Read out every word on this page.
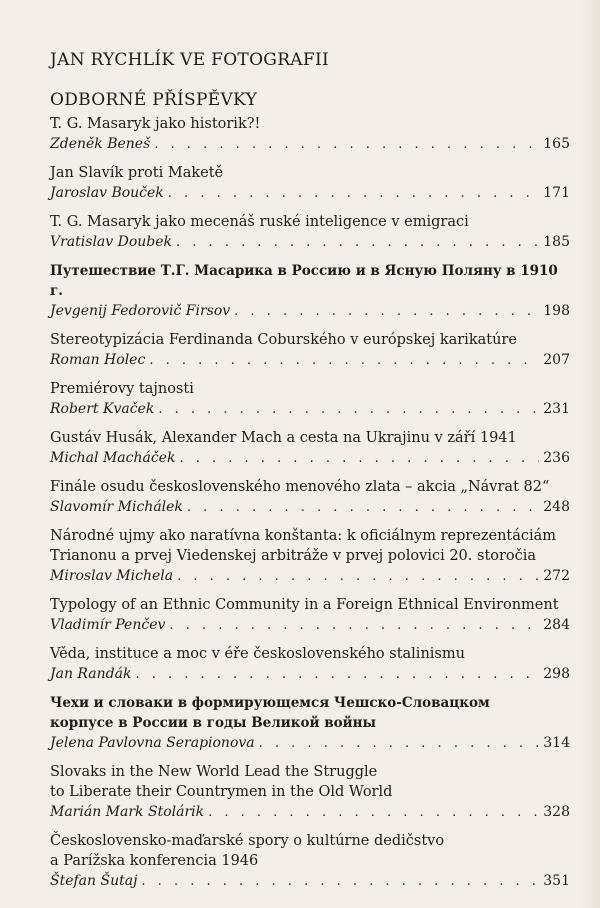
JAN RYCHLÍK VE FOTOGRAFII
ODBORNÉ PŘÍSPĚVKY
T. G. Masaryk jako historik?!
Zdeněk Beneš . . .	165
Jan Slavík proti Maketě
Jaroslav Bouček . . .	171
T. G. Masaryk jako mecenáš ruské inteligence v emigraci
Vratislav Doubek . . .	185
Путешествие Т.Г. Масарика в Россию и в Ясную Поляну в 1910 г.
Jevgenij Fedorovič Firsov . . .	198
Stereotypizácia Ferdinanda Coburského v európskej karikatúre
Roman Holec . . .	207
Premiérovy tajnosti
Robert Kvaček . . .	231
Gustáv Husák, Alexander Mach a cesta na Ukrajinu v září 1941
Michal Macháček . . .	236
Finále osudu československého menového zlata – akcia „Návrat 82“
Slavomír Michálek . . .	248
Národné ujmy ako naratívna konštanta: k oficiálnym reprezentáciám
Trianonu a prvej Viedenskej arbitráže v prvej polovici 20. storočia
Miroslav Michela . . .	272
Typology of an Ethnic Community in a Foreign Ethnical Environment
Vladimír Penčev . . .	284
Věda, instituce a moc v éře československého stalinismu
Jan Randák . . .	298
Чехи и словаки в формирующемся Чешско-Словацком
корпусе в России в годы Великой войны
Jelena Pavlovna Serapionova . . .	314
Slovaks in the New World Lead the Struggle
to Liberate their Countrymen in the Old World
Marián Mark Stolárik . . .	328
Československo-maďarské spory o kultúrne dedičstvo
a Parížska konferencia 1946
Štefan Šutaj . . .	351
